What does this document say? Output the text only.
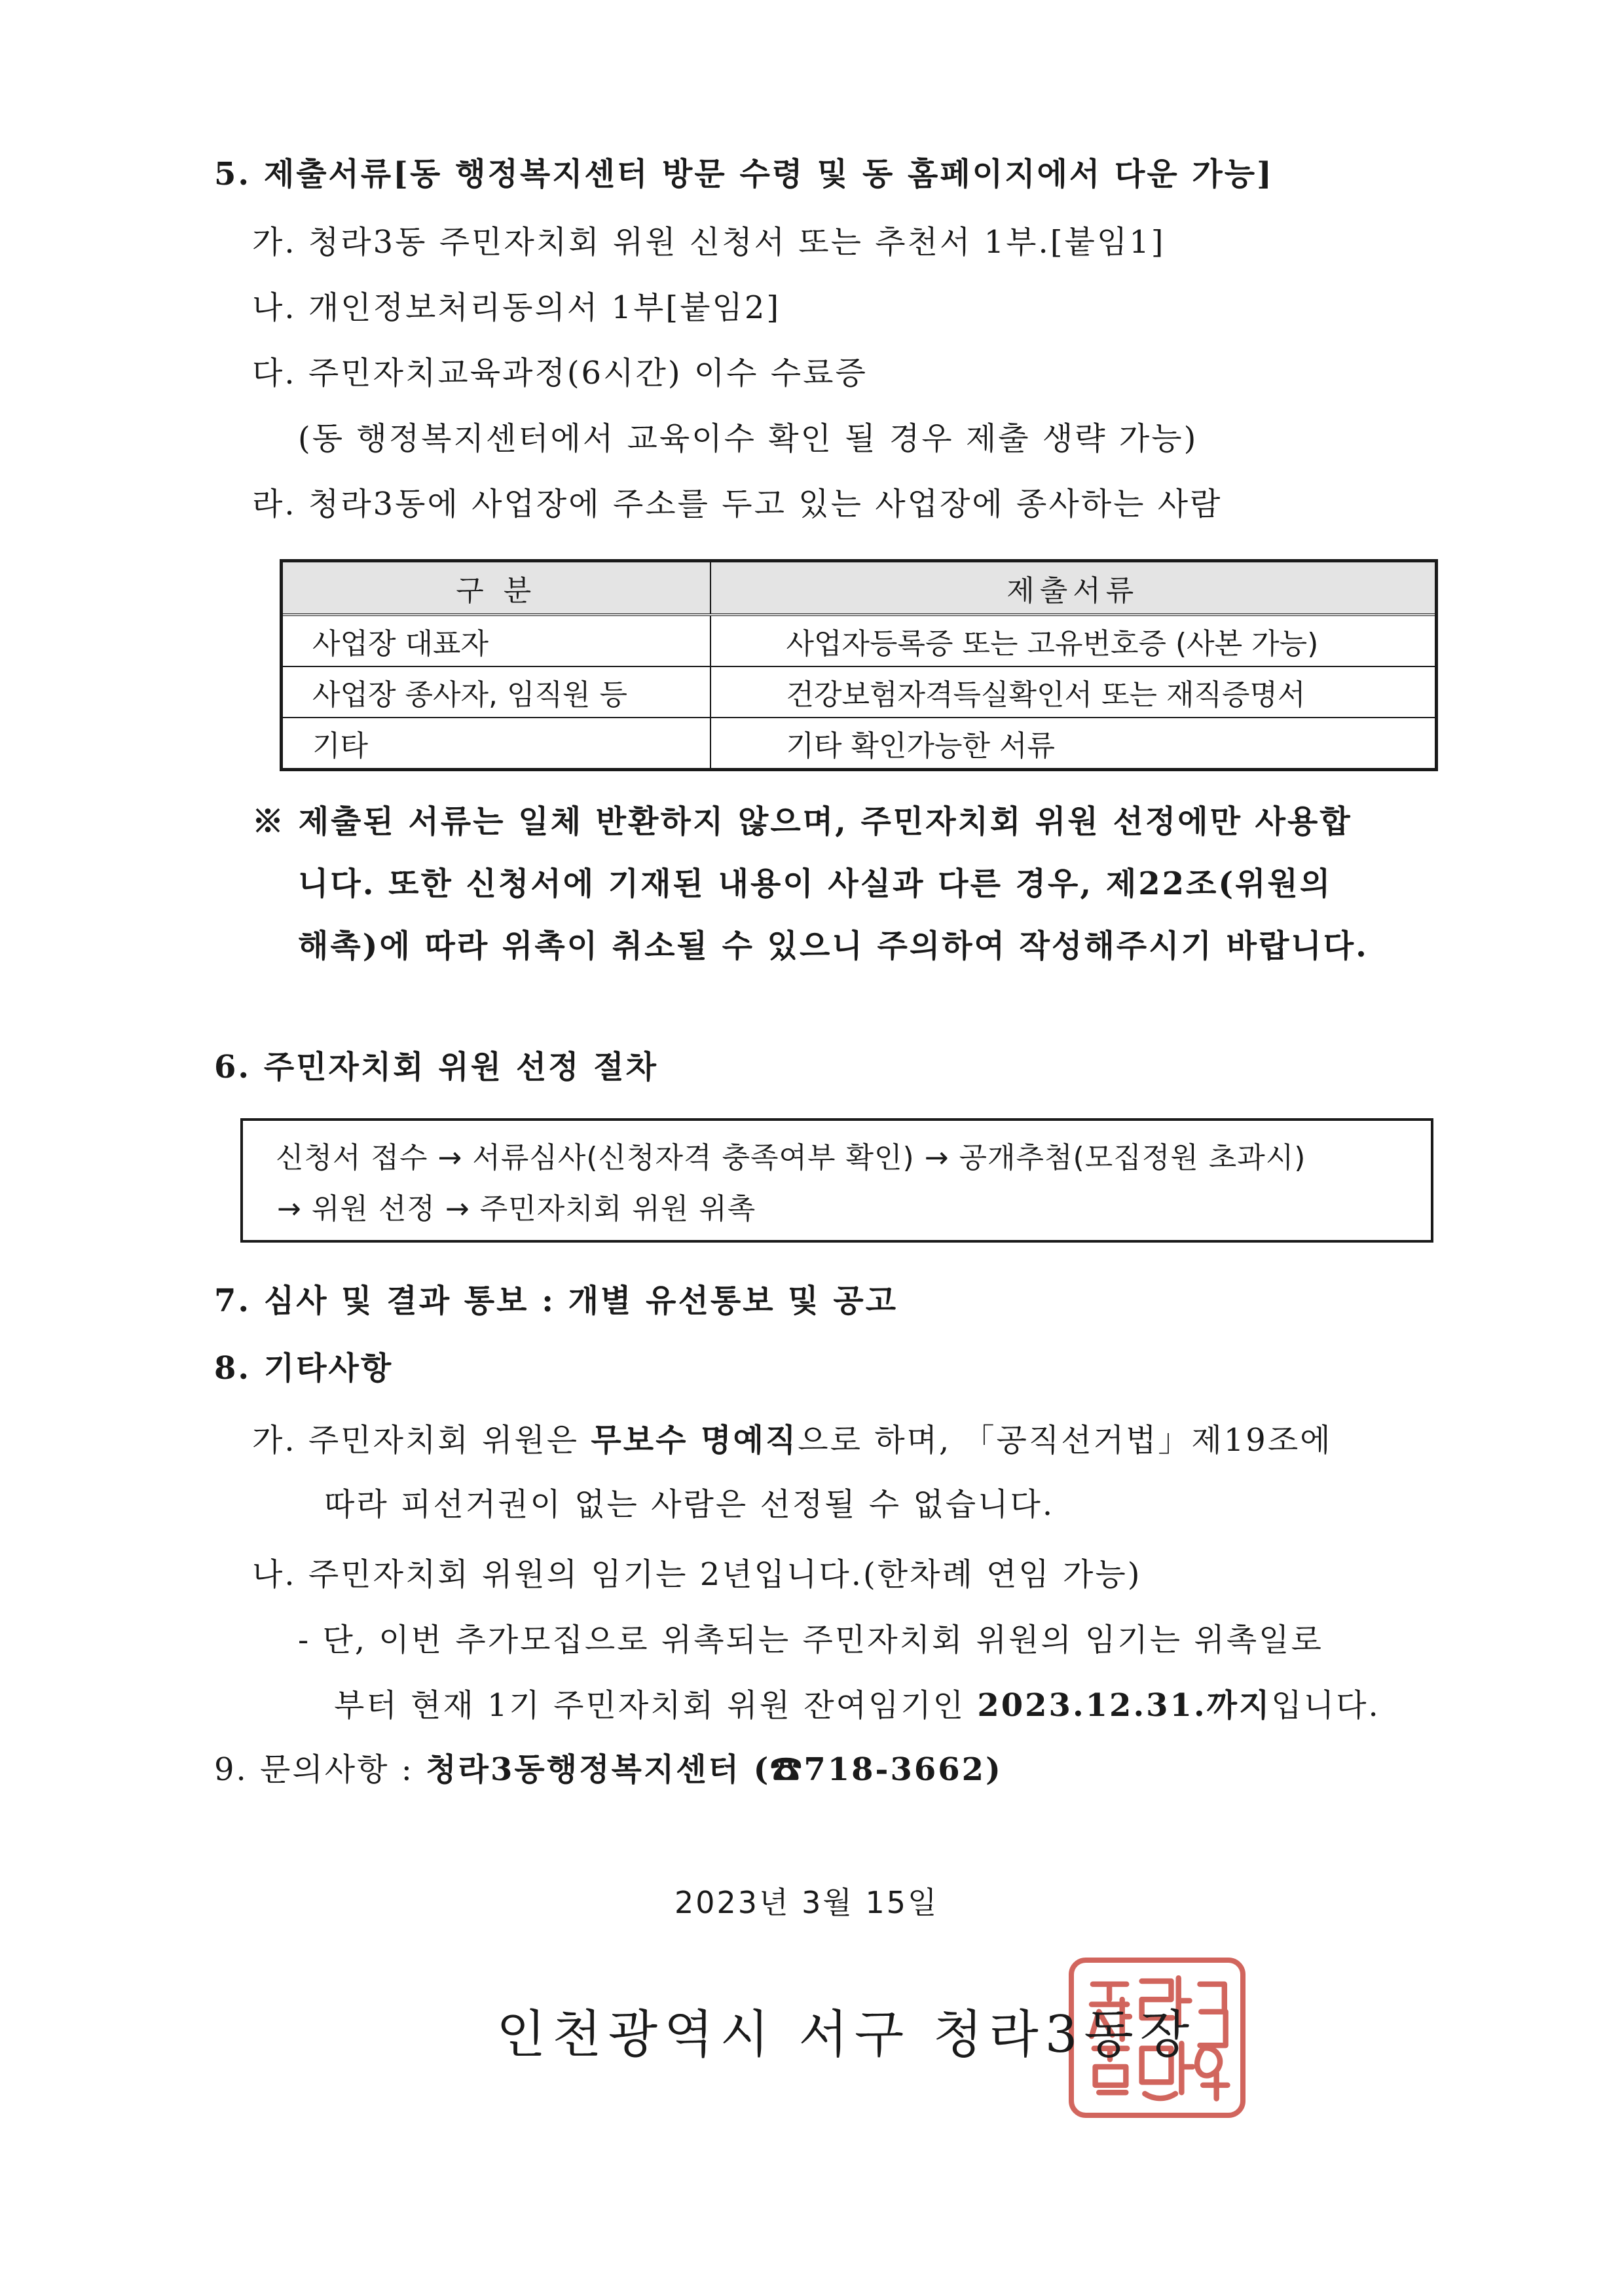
5. 제출서류[동 행정복지센터 방문 수령 및 동 홈페이지에서 다운 가능]
가. 청라3동 주민자치회 위원 신청서 또는 추천서 1부.[붙임1]
나. 개인정보처리동의서 1부[붙임2]
다. 주민자치교육과정(6시간) 이수 수료증
(동 행정복지센터에서 교육이수 확인 될 경우 제출 생략 가능)
라. 청라3동에 사업장에 주소를 두고 있는 사업장에 종사하는 사람
구 분	제출서류
사업장 대표자	사업자등록증 또는 고유번호증 (사본 가능)
사업장 종사자, 임직원 등	건강보험자격득실확인서 또는 재직증명서
기타	기타 확인가능한 서류
※ 제출된 서류는 일체 반환하지 않으며, 주민자치회 위원 선정에만 사용합
니다. 또한 신청서에 기재된 내용이 사실과 다른 경우, 제22조(위원의
해촉)에 따라 위촉이 취소될 수 있으니 주의하여 작성해주시기 바랍니다.
6. 주민자치회 위원 선정 절차
신청서 접수 → 서류심사(신청자격 충족여부 확인) → 공개추첨(모집정원 초과시)
→ 위원 선정 → 주민자치회 위원 위촉
7. 심사 및 결과 통보 : 개별 유선통보 및 공고
8. 기타사항
가. 주민자치회 위원은 무보수 명예직으로 하며, 「공직선거법」제19조에
따라 피선거권이 없는 사람은 선정될 수 없습니다.
나. 주민자치회 위원의 임기는 2년입니다.(한차례 연임 가능)
- 단, 이번 추가모집으로 위촉되는 주민자치회 위원의 임기는 위촉일로
부터 현재 1기 주민자치회 위원 잔여임기인 2023.12.31.까지입니다.
9. 문의사항 : 청라3동행정복지센터 (☎718-3662)
2023년 3월 15일
인천광역시 서구 청라3동장
